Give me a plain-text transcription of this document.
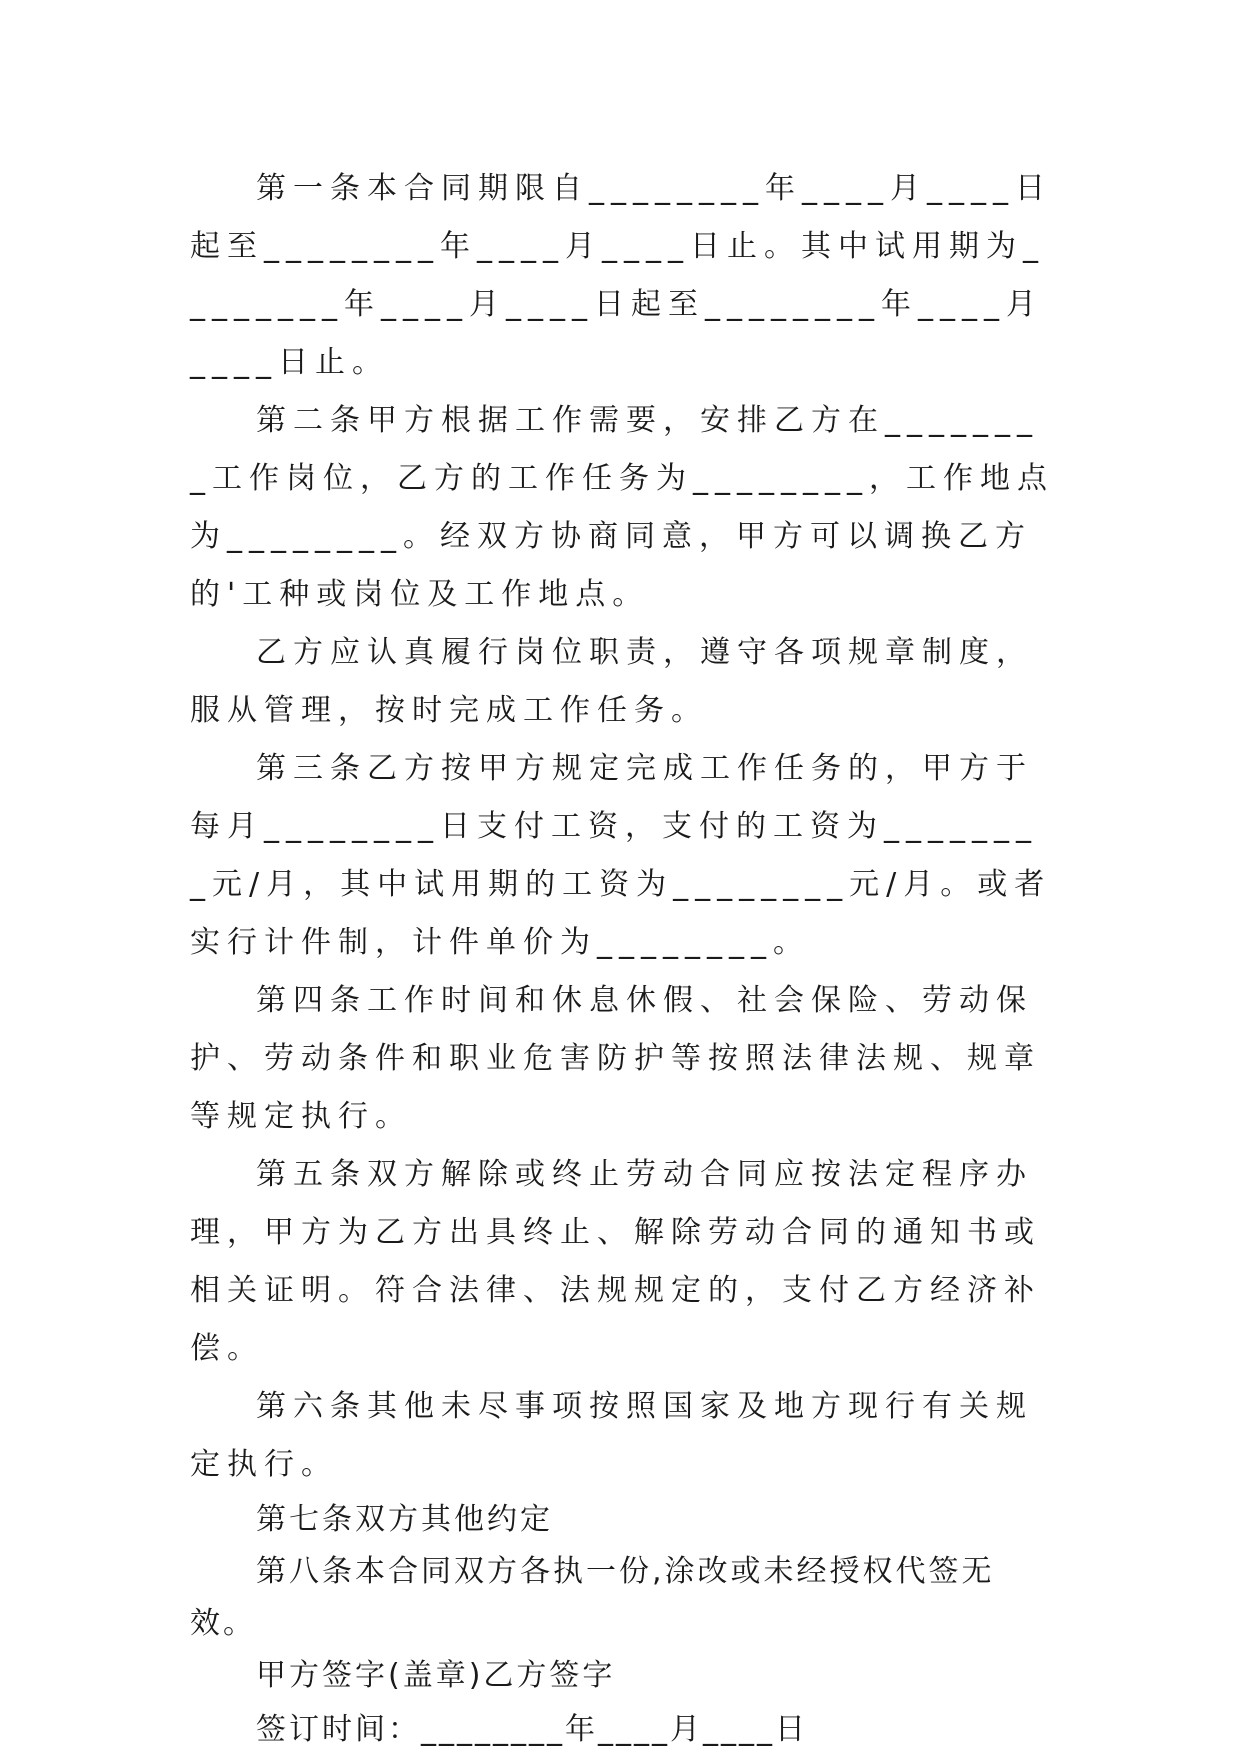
第一条本合同期限自________年____月____日起至________年____月____日止。其中试用期为________年____月____日起至________年____月____日止。

第二条甲方根据工作需要，安排乙方在________工作岗位，乙方的工作任务为________，工作地点为________。经双方协商同意，甲方可以调换乙方的'工种或岗位及工作地点。

乙方应认真履行岗位职责，遵守各项规章制度，服从管理，按时完成工作任务。

第三条乙方按甲方规定完成工作任务的，甲方于每月________日支付工资，支付的工资为________元/月，其中试用期的工资为________元/月。或者实行计件制，计件单价为________。

第四条工作时间和休息休假、社会保险、劳动保护、劳动条件和职业危害防护等按照法律法规、规章等规定执行。

第五条双方解除或终止劳动合同应按法定程序办理，甲方为乙方出具终止、解除劳动合同的通知书或相关证明。符合法律、法规规定的，支付乙方经济补偿。

第六条其他未尽事项按照国家及地方现行有关规定执行。

第七条双方其他约定

第八条本合同双方各执一份,涂改或未经授权代签无效。

甲方签字(盖章)乙方签字

签订时间：________年____月____日
